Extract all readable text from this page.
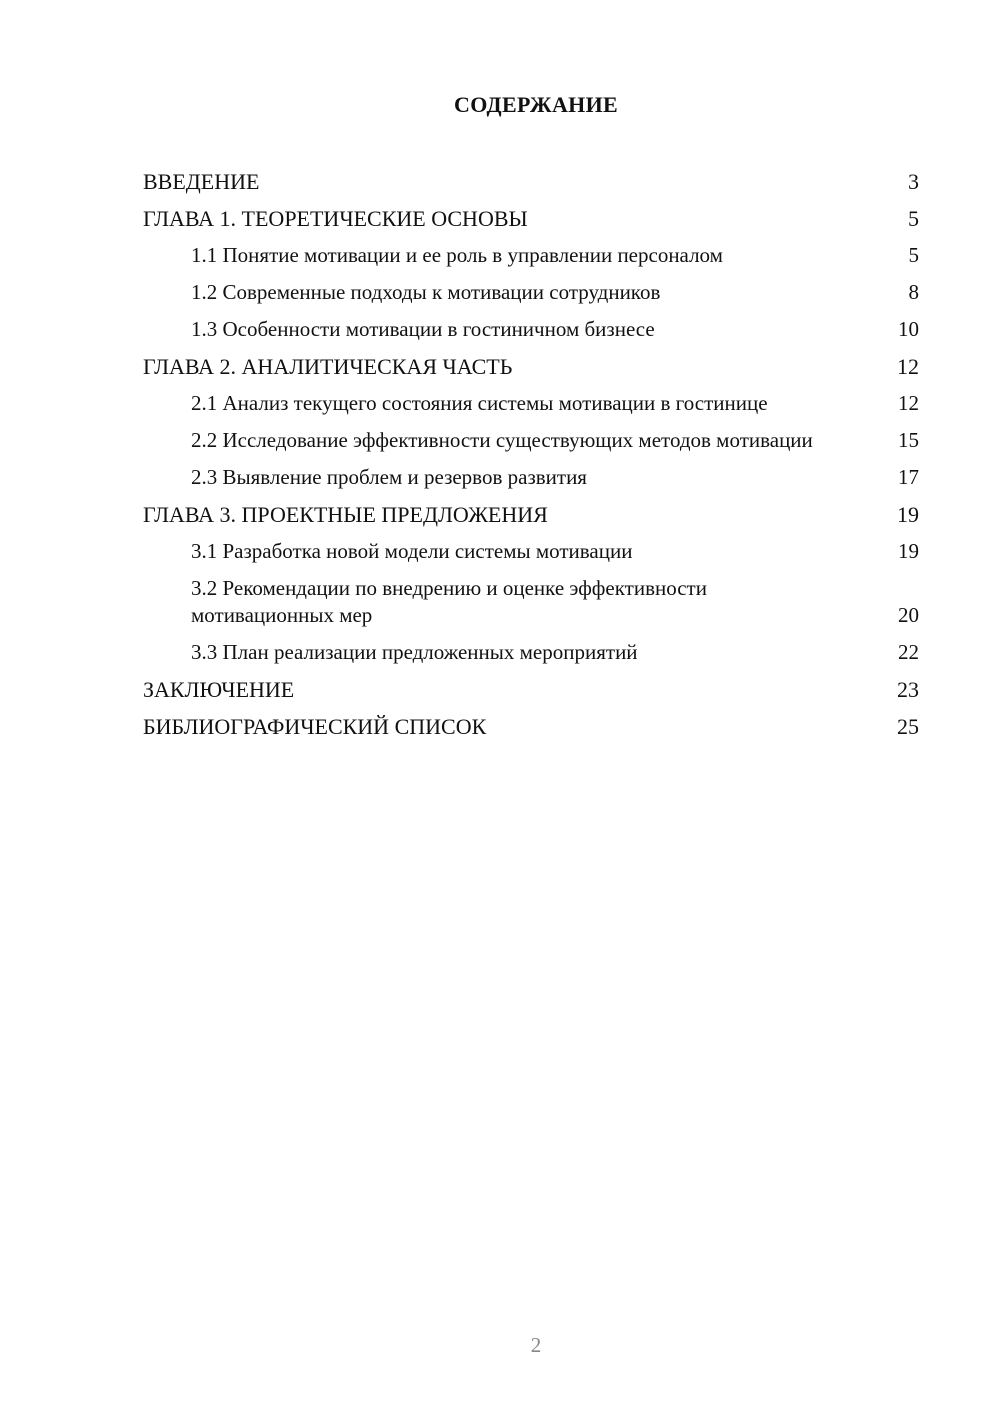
СОДЕРЖАНИЕ
ВВЕДЕНИЕ	3
ГЛАВА 1. ТЕОРЕТИЧЕСКИЕ ОСНОВЫ	5
1.1 Понятие мотивации и ее роль в управлении персоналом	5
1.2 Современные подходы к мотивации сотрудников	8
1.3 Особенности мотивации в гостиничном бизнесе	10
ГЛАВА 2. АНАЛИТИЧЕСКАЯ ЧАСТЬ	12
2.1 Анализ текущего состояния системы мотивации в гостинице	12
2.2 Исследование эффективности существующих методов мотивации	15
2.3 Выявление проблем и резервов развития	17
ГЛАВА 3. ПРОЕКТНЫЕ ПРЕДЛОЖЕНИЯ	19
3.1 Разработка новой модели системы мотивации	19
3.2 Рекомендации по внедрению и оценке эффективности мотивационных мер	20
3.3 План реализации предложенных мероприятий	22
ЗАКЛЮЧЕНИЕ	23
БИБЛИОГРАФИЧЕСКИЙ СПИСОК	25
2
